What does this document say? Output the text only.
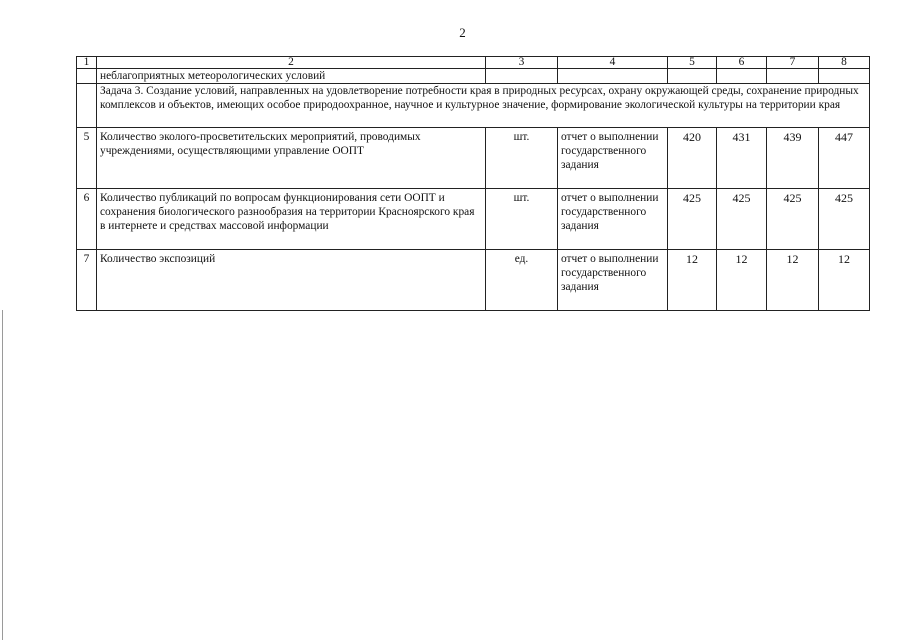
2
1	2	3	4	5	6	7	8
	неблагоприятных метеорологических условий						
	Задача 3. Создание условий, направленных на удовлетворение потребности края в природных ресурсах, охрану окружающей среды, сохранение природных комплексов и объектов, имеющих особое природоохранное, научное и культурное значение, формирование экологической культуры на территории края						
5	Количество эколого-просветительских мероприятий, проводимых учреждениями, осуществляющими управление ООПТ	шт.	отчет о выполнении государственного задания	420	431	439	447
6	Количество публикаций по вопросам функционирования сети ООПТ и сохранения биологического разнообразия на территории Красноярского края в интернете и средствах массовой информации	шт.	отчет о выполнении государственного задания	425	425	425	425
7	Количество экспозиций	ед.	отчет о выполнении государственного задания	12	12	12	12
